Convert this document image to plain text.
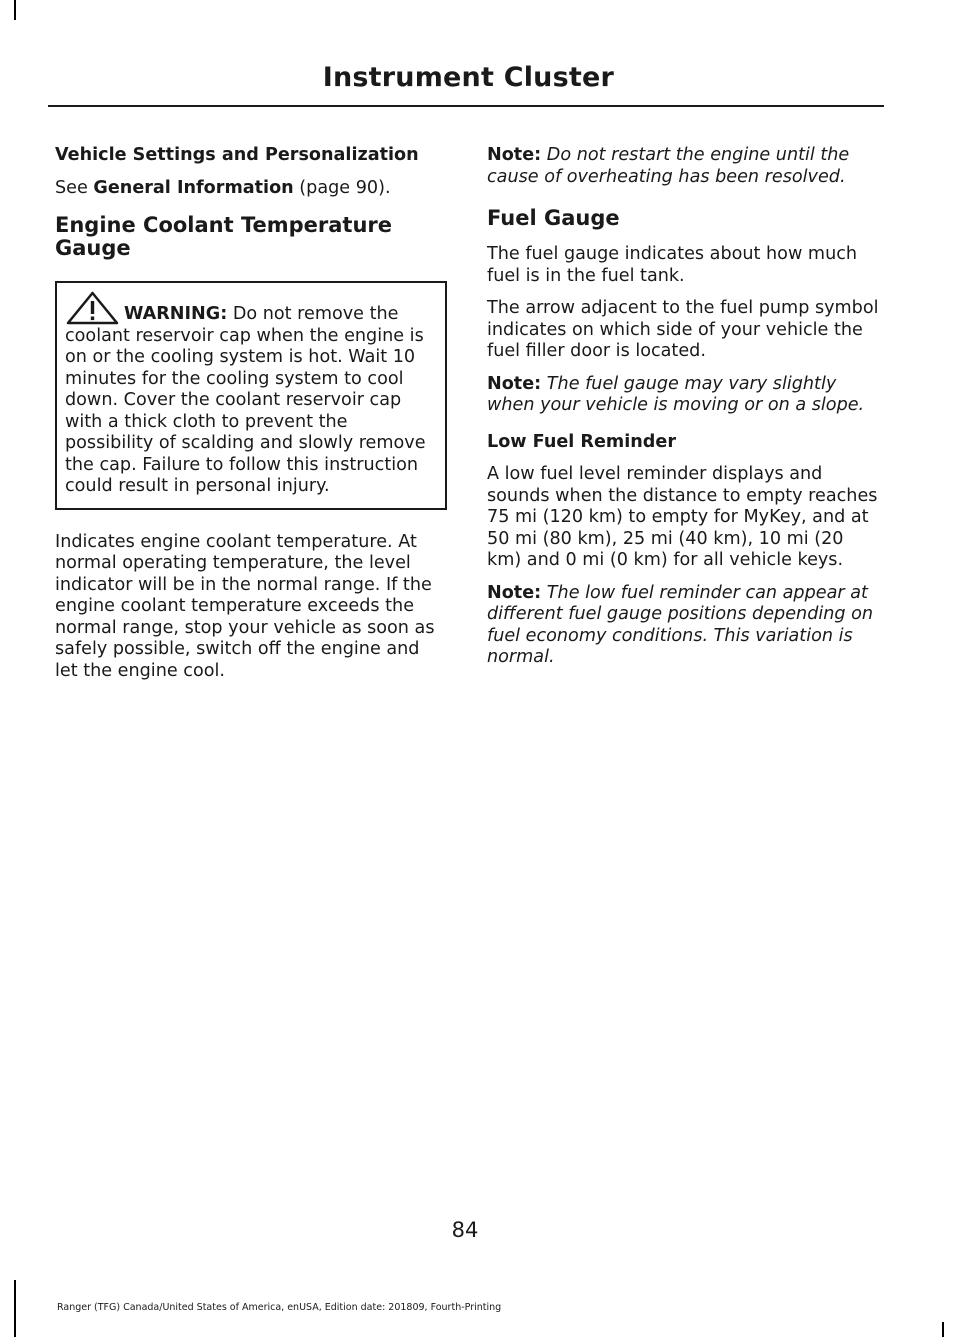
Instrument Cluster

Vehicle Settings and Personalization

See General Information (page 90).

Engine Coolant Temperature Gauge

WARNING: Do not remove the coolant reservoir cap when the engine is on or the cooling system is hot. Wait 10 minutes for the cooling system to cool down. Cover the coolant reservoir cap with a thick cloth to prevent the possibility of scalding and slowly remove the cap. Failure to follow this instruction could result in personal injury.

Indicates engine coolant temperature. At normal operating temperature, the level indicator will be in the normal range. If the engine coolant temperature exceeds the normal range, stop your vehicle as soon as safely possible, switch off the engine and let the engine cool.

Note: Do not restart the engine until the cause of overheating has been resolved.

Fuel Gauge

The fuel gauge indicates about how much fuel is in the fuel tank.

The arrow adjacent to the fuel pump symbol indicates on which side of your vehicle the fuel filler door is located.

Note: The fuel gauge may vary slightly when your vehicle is moving or on a slope.

Low Fuel Reminder

A low fuel level reminder displays and sounds when the distance to empty reaches 75 mi (120 km) to empty for MyKey, and at 50 mi (80 km), 25 mi (40 km), 10 mi (20 km) and 0 mi (0 km) for all vehicle keys.

Note: The low fuel reminder can appear at different fuel gauge positions depending on fuel economy conditions. This variation is normal.

84
Ranger (TFG) Canada/United States of America, enUSA, Edition date: 201809, Fourth-Printing
